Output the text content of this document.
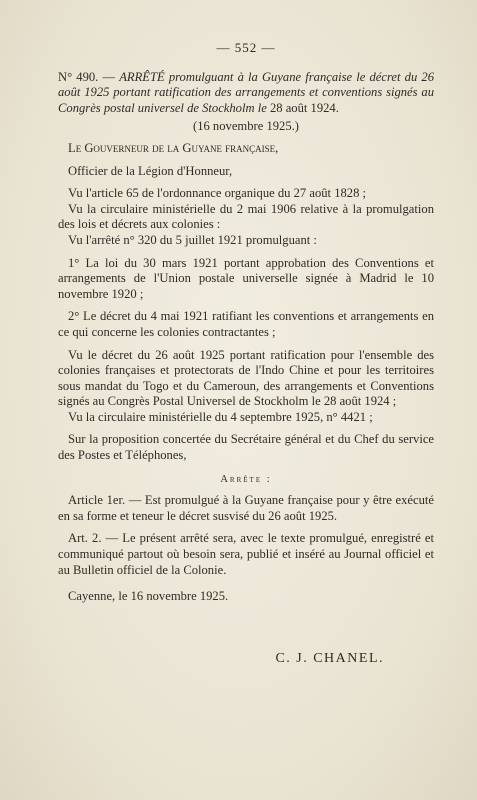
— 552 —

N° 490. — ARRÊTÉ promulguant à la Guyane française le décret du 26 août 1925 portant ratification des arrangements et conventions signés au Congrès postal universel de Stockholm le 28 août 1924.

(16 novembre 1925.)

Le Gouverneur de la Guyane française,

Officier de la Légion d'Honneur,

Vu l'article 65 de l'ordonnance organique du 27 août 1828 ;

Vu la circulaire ministérielle du 2 mai 1906 relative à la promulgation des lois et décrets aux colonies :

Vu l'arrêté n° 320 du 5 juillet 1921 promulguant :

1° La loi du 30 mars 1921 portant approbation des Conventions et arrangements de l'Union postale universelle signée à Madrid le 10 novembre 1920 ;

2° Le décret du 4 mai 1921 ratifiant les conventions et arrangements en ce qui concerne les colonies contractantes ;

Vu le décret du 26 août 1925 portant ratification pour l'ensemble des colonies françaises et protectorats de l'Indo Chine et pour les territoires sous mandat du Togo et du Cameroun, des arrangements et Conventions signés au Congrès Postal Universel de Stockholm le 28 août 1924 ;

Vu la circulaire ministérielle du 4 septembre 1925, n° 4421 ;

Sur la proposition concertée du Secrétaire général et du Chef du service des Postes et Téléphones,

Arrête :

Article 1er. — Est promulgué à la Guyane française pour y être exécuté en sa forme et teneur le décret susvisé du 26 août 1925.

Art. 2. — Le présent arrêté sera, avec le texte promulgué, enregistré et communiqué partout où besoin sera, publié et inséré au Journal officiel et au Bulletin officiel de la Colonie.

Cayenne, le 16 novembre 1925.

C. J. CHANEL.
